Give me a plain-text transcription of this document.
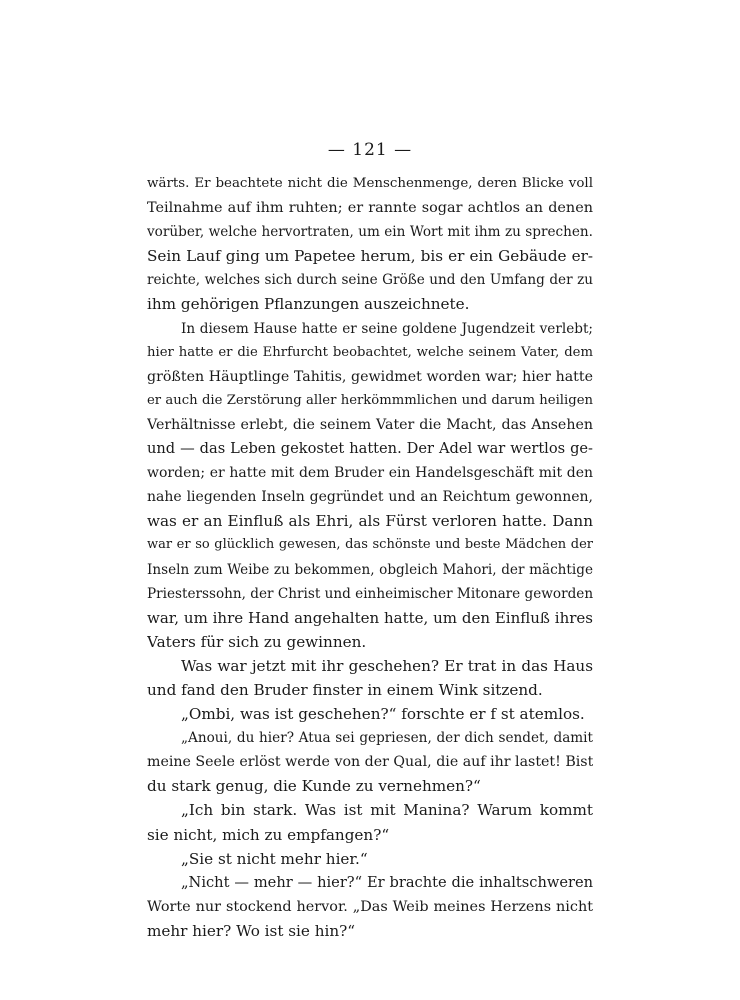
— 121 —
wärts. Er beachtete nicht die Menschenmenge, deren Blicke voll
Teilnahme auf ihm ruhten; er rannte sogar achtlos an denen
vorüber, welche hervortraten, um ein Wort mit ihm zu sprechen.
Sein Lauf ging um Papetee herum, bis er ein Gebäude er-
reichte, welches sich durch seine Größe und den Umfang der zu
ihm gehörigen Pflanzungen auszeichnete.
In diesem Hause hatte er seine goldene Jugendzeit verlebt;
hier hatte er die Ehrfurcht beobachtet, welche seinem Vater, dem
größten Häuptlinge Tahitis, gewidmet worden war; hier hatte
er auch die Zerstörung aller herkömmmlichen und darum heiligen
Verhältnisse erlebt, die seinem Vater die Macht, das Ansehen
und — das Leben gekostet hatten. Der Adel war wertlos ge-
worden; er hatte mit dem Bruder ein Handelsgeschäft mit den
nahe liegenden Inseln gegründet und an Reichtum gewonnen,
was er an Einfluß als Ehri, als Fürst verloren hatte. Dann
war er so glücklich gewesen, das schönste und beste Mädchen der
Inseln zum Weibe zu bekommen, obgleich Mahori, der mächtige
Priesterssohn, der Christ und einheimischer Mitonare geworden
war, um ihre Hand angehalten hatte, um den Einfluß ihres
Vaters für sich zu gewinnen.
Was war jetzt mit ihr geschehen? Er trat in das Haus
und fand den Bruder finster in einem Wink sitzend.
„Ombi, was ist geschehen?“ forschte er f st atemlos.
„Anoui, du hier? Atua sei gepriesen, der dich sendet, damit
meine Seele erlöst werde von der Qual, die auf ihr lastet! Bist
du stark genug, die Kunde zu vernehmen?“
„Ich bin stark. Was ist mit Manina? Warum kommt
sie nicht, mich zu empfangen?“
„Sie st nicht mehr hier.“
„Nicht — mehr — hier?“ Er brachte die inhaltschweren
Worte nur stockend hervor. „Das Weib meines Herzens nicht
mehr hier? Wo ist sie hin?“
